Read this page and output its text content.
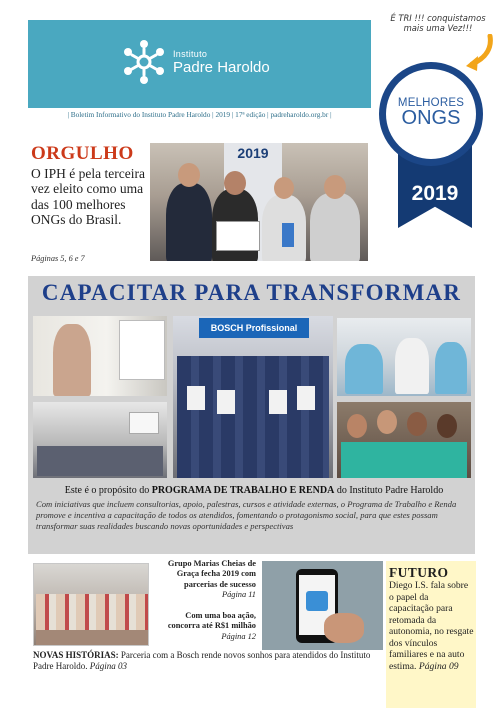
Instituto
Padre Haroldo
| Boletim Informativo do Instituto Padre Haroldo | 2019 | 17ª edição | padreharoldo.org.br |
É TRI !!! conquistamos mais uma Vez!!!
MELHORES
ONGS
2019
ORGULHO
O IPH é pela terceira vez eleito como uma das 100 melhores ONGs do Brasil.
Páginas 5, 6 e 7
2019
CAPACITAR PARA TRANSFORMAR
BOSCH Profissional
Este é o propósito do PROGRAMA DE TRABALHO E RENDA do Instituto Padre Haroldo
Com iniciativas que incluem consultorias, apoio, palestras, cursos e atividade externas, o Programa de Trabalho e Renda promove e incentiva a capacitação de todos os atendidos, fomentando o protagonismo social, para que estes possam transformar suas realidades buscando novas oportunidades e perspectivas
Grupo Marias Cheias de Graça fecha 2019 com parcerias de sucesso
Página 11
Com uma boa ação, concorra até R$1 milhão
Página 12
FUTURO
Diego I.S. fala sobre o papel da capacitação para retomada da autonomia, no resgate dos vínculos familiares e na auto estima. Página 09
NOVAS HISTÓRIAS: Parceria com a Bosch rende novos sonhos para atendidos do Instituto Padre Haroldo. Página 03
